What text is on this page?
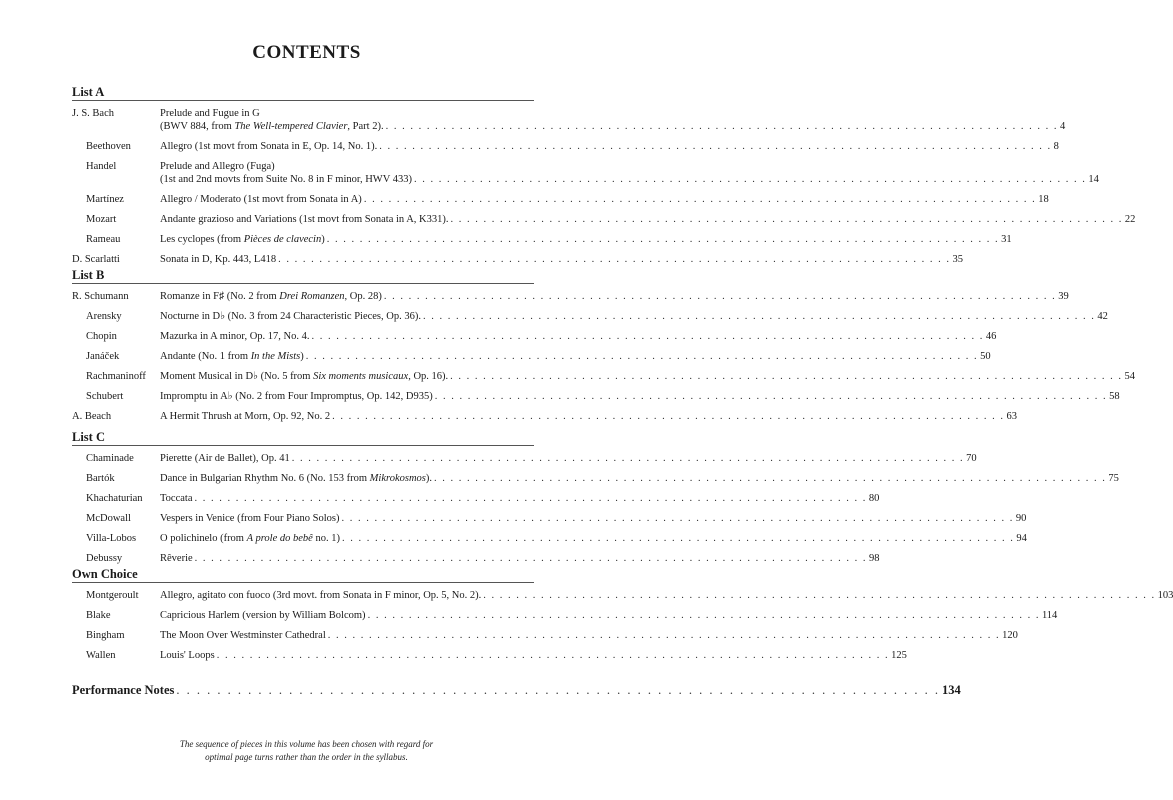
CONTENTS
List A
J. S. Bach	Prelude and Fugue in G
(BWV 884, from The Well-tempered Clavier, Part 2). . . . . . . . . . . . . . . . . . . . . . . . . . . . . . . . . . . . . . . . . . . . . . . . . . . . . . . . . . . . . . . . . . . . . . . . . . . . . . . . . . . 4
Beethoven	Allegro (1st movt from Sonata in E, Op. 14, No. 1). . . . . . . . . . . . . . . . . . . . . . . . . . . . . . . . . . . . . . . . . . . . . . . . . . . . . . . . . . . . . . . . . . . . . . . . . . . . . . . . . . . 8
Handel	Prelude and Allegro (Fuga)
(1st and 2nd movts from Suite No. 8 in F minor, HWV 433) . . . . . . . . . . . . . . . . . . . . . . . . . . . . . . . . . . . . . . . . . . . . . . . . . . . . . . . . . . . . . . . . . . . . . . . . . . . . . . . . . . 14
Martínez	Allegro / Moderato (1st movt from Sonata in A) . . . . . . . . . . . . . . . . . . . . . . . . . . . . . . . . . . . . . . . . . . . . . . . . . . . . . . . . . . . . . . . . . . . . . . . . . . . . . . . . . . 18
Mozart	Andante grazioso and Variations (1st movt from Sonata in A, K331). . . . . . . . . . . . . . . . . . . . . . . . . . . . . . . . . . . . . . . . . . . . . . . . . . . . . . . . . . . . . . . . . . . . . . . . . . . . . . . . . . . 22
Rameau	Les cyclopes (from Pièces de clavecin) . . . . . . . . . . . . . . . . . . . . . . . . . . . . . . . . . . . . . . . . . . . . . . . . . . . . . . . . . . . . . . . . . . . . . . . . . . . . . . . . . . 31
D. Scarlatti	Sonata in D, Kp. 443, L418 . . . . . . . . . . . . . . . . . . . . . . . . . . . . . . . . . . . . . . . . . . . . . . . . . . . . . . . . . . . . . . . . . . . . . . . . . . . . . . . . . . 35
List B
R. Schumann	Romanze in F♯ (No. 2 from Drei Romanzen, Op. 28) . . . . . . . . . . . . . . . . . . . . . . . . . . . . . . . . . . . . . . . . . . . . . . . . . . . . . . . . . . . . . . . . . . . . . . . . . . . . . . . . . . 39
Arensky	Nocturne in D♭ (No. 3 from 24 Characteristic Pieces, Op. 36). . . . . . . . . . . . . . . . . . . . . . . . . . . . . . . . . . . . . . . . . . . . . . . . . . . . . . . . . . . . . . . . . . . . . . . . . . . . . . . . . . . 42
Chopin	Mazurka in A minor, Op. 17, No. 4. . . . . . . . . . . . . . . . . . . . . . . . . . . . . . . . . . . . . . . . . . . . . . . . . . . . . . . . . . . . . . . . . . . . . . . . . . . . . . . . . . . 46
Janáček	Andante (No. 1 from In the Mists) . . . . . . . . . . . . . . . . . . . . . . . . . . . . . . . . . . . . . . . . . . . . . . . . . . . . . . . . . . . . . . . . . . . . . . . . . . . . . . . . . . 50
Rachmaninoff Moment Musical in D♭ (No. 5 from Six moments musicaux, Op. 16). . . . . . . . . . . . . . . . . . . . . . . . . . . . . . . . . . . . . . . . . . . . . . . . . . . . . . . . . . . . . . . . . . . . . . . . . . . . . . . . . . . 54
Schubert	Impromptu in A♭ (No. 2 from Four Impromptus, Op. 142, D935) . . . . . . . . . . . . . . . . . . . . . . . . . . . . . . . . . . . . . . . . . . . . . . . . . . . . . . . . . . . . . . . . . . . . . . . . . . . . . . . . . . 58
A. Beach	A Hermit Thrush at Morn, Op. 92, No. 2 . . . . . . . . . . . . . . . . . . . . . . . . . . . . . . . . . . . . . . . . . . . . . . . . . . . . . . . . . . . . . . . . . . . . . . . . . . . . . . . . . . 63
List C
Chaminade Pierette (Air de Ballet), Op. 41 . . . . . . . . . . . . . . . . . . . . . . . . . . . . . . . . . . . . . . . . . . . . . . . . . . . . . . . . . . . . . . . . . . . . . . . . . . . . . . . . . . 70
Bartók	Dance in Bulgarian Rhythm No. 6 (No. 153 from Mikrokosmos). . . . . . . . . . . . . . . . . . . . . . . . . . . . . . . . . . . . . . . . . . . . . . . . . . . . . . . . . . . . . . . . . . . . . . . . . . . . . . . . . . . 75
Khachaturian Toccata . . . . . . . . . . . . . . . . . . . . . . . . . . . . . . . . . . . . . . . . . . . . . . . . . . . . . . . . . . . . . . . . . . . . . . . . . . . . . . . . . . 80
McDowall	Vespers in Venice (from Four Piano Solos) . . . . . . . . . . . . . . . . . . . . . . . . . . . . . . . . . . . . . . . . . . . . . . . . . . . . . . . . . . . . . . . . . . . . . . . . . . . . . . . . . . 90
Villa-Lobos O polichinelo (from A prole do bebê no. 1) . . . . . . . . . . . . . . . . . . . . . . . . . . . . . . . . . . . . . . . . . . . . . . . . . . . . . . . . . . . . . . . . . . . . . . . . . . . . . . . . . . 94
Debussy	Rêverie . . . . . . . . . . . . . . . . . . . . . . . . . . . . . . . . . . . . . . . . . . . . . . . . . . . . . . . . . . . . . . . . . . . . . . . . . . . . . . . . . . 98
Own Choice
Montgeroult Allegro, agitato con fuoco (3rd movt. from Sonata in F minor, Op. 5, No. 2). . . . . . . . . . . . . . . . . . . . . . . . . . . . . . . . . . . . . . . . . . . . . . . . . . . . . . . . . . . . . . . . . . . . . . . . . . . . . . . . . . . 103
Blake	Capricious Harlem (version by William Bolcom) . . . . . . . . . . . . . . . . . . . . . . . . . . . . . . . . . . . . . . . . . . . . . . . . . . . . . . . . . . . . . . . . . . . . . . . . . . . . . . . . . . 114
Bingham	The Moon Over Westminster Cathedral . . . . . . . . . . . . . . . . . . . . . . . . . . . . . . . . . . . . . . . . . . . . . . . . . . . . . . . . . . . . . . . . . . . . . . . . . . . . . . . . . . 120
Wallen	Louis' Loops . . . . . . . . . . . . . . . . . . . . . . . . . . . . . . . . . . . . . . . . . . . . . . . . . . . . . . . . . . . . . . . . . . . . . . . . . . . . . . . . . . 125
Performance Notes . . . . . . . . . . . . . . . . . . . . . . . . . . . . . . . . . . . . . . . . . . . . . . . . . . . . . . . . . . . . . . . . . . . . . . . . . . . 134
The sequence of pieces in this volume has been chosen with regard for
optimal page turns rather than the order in the syllabus.
